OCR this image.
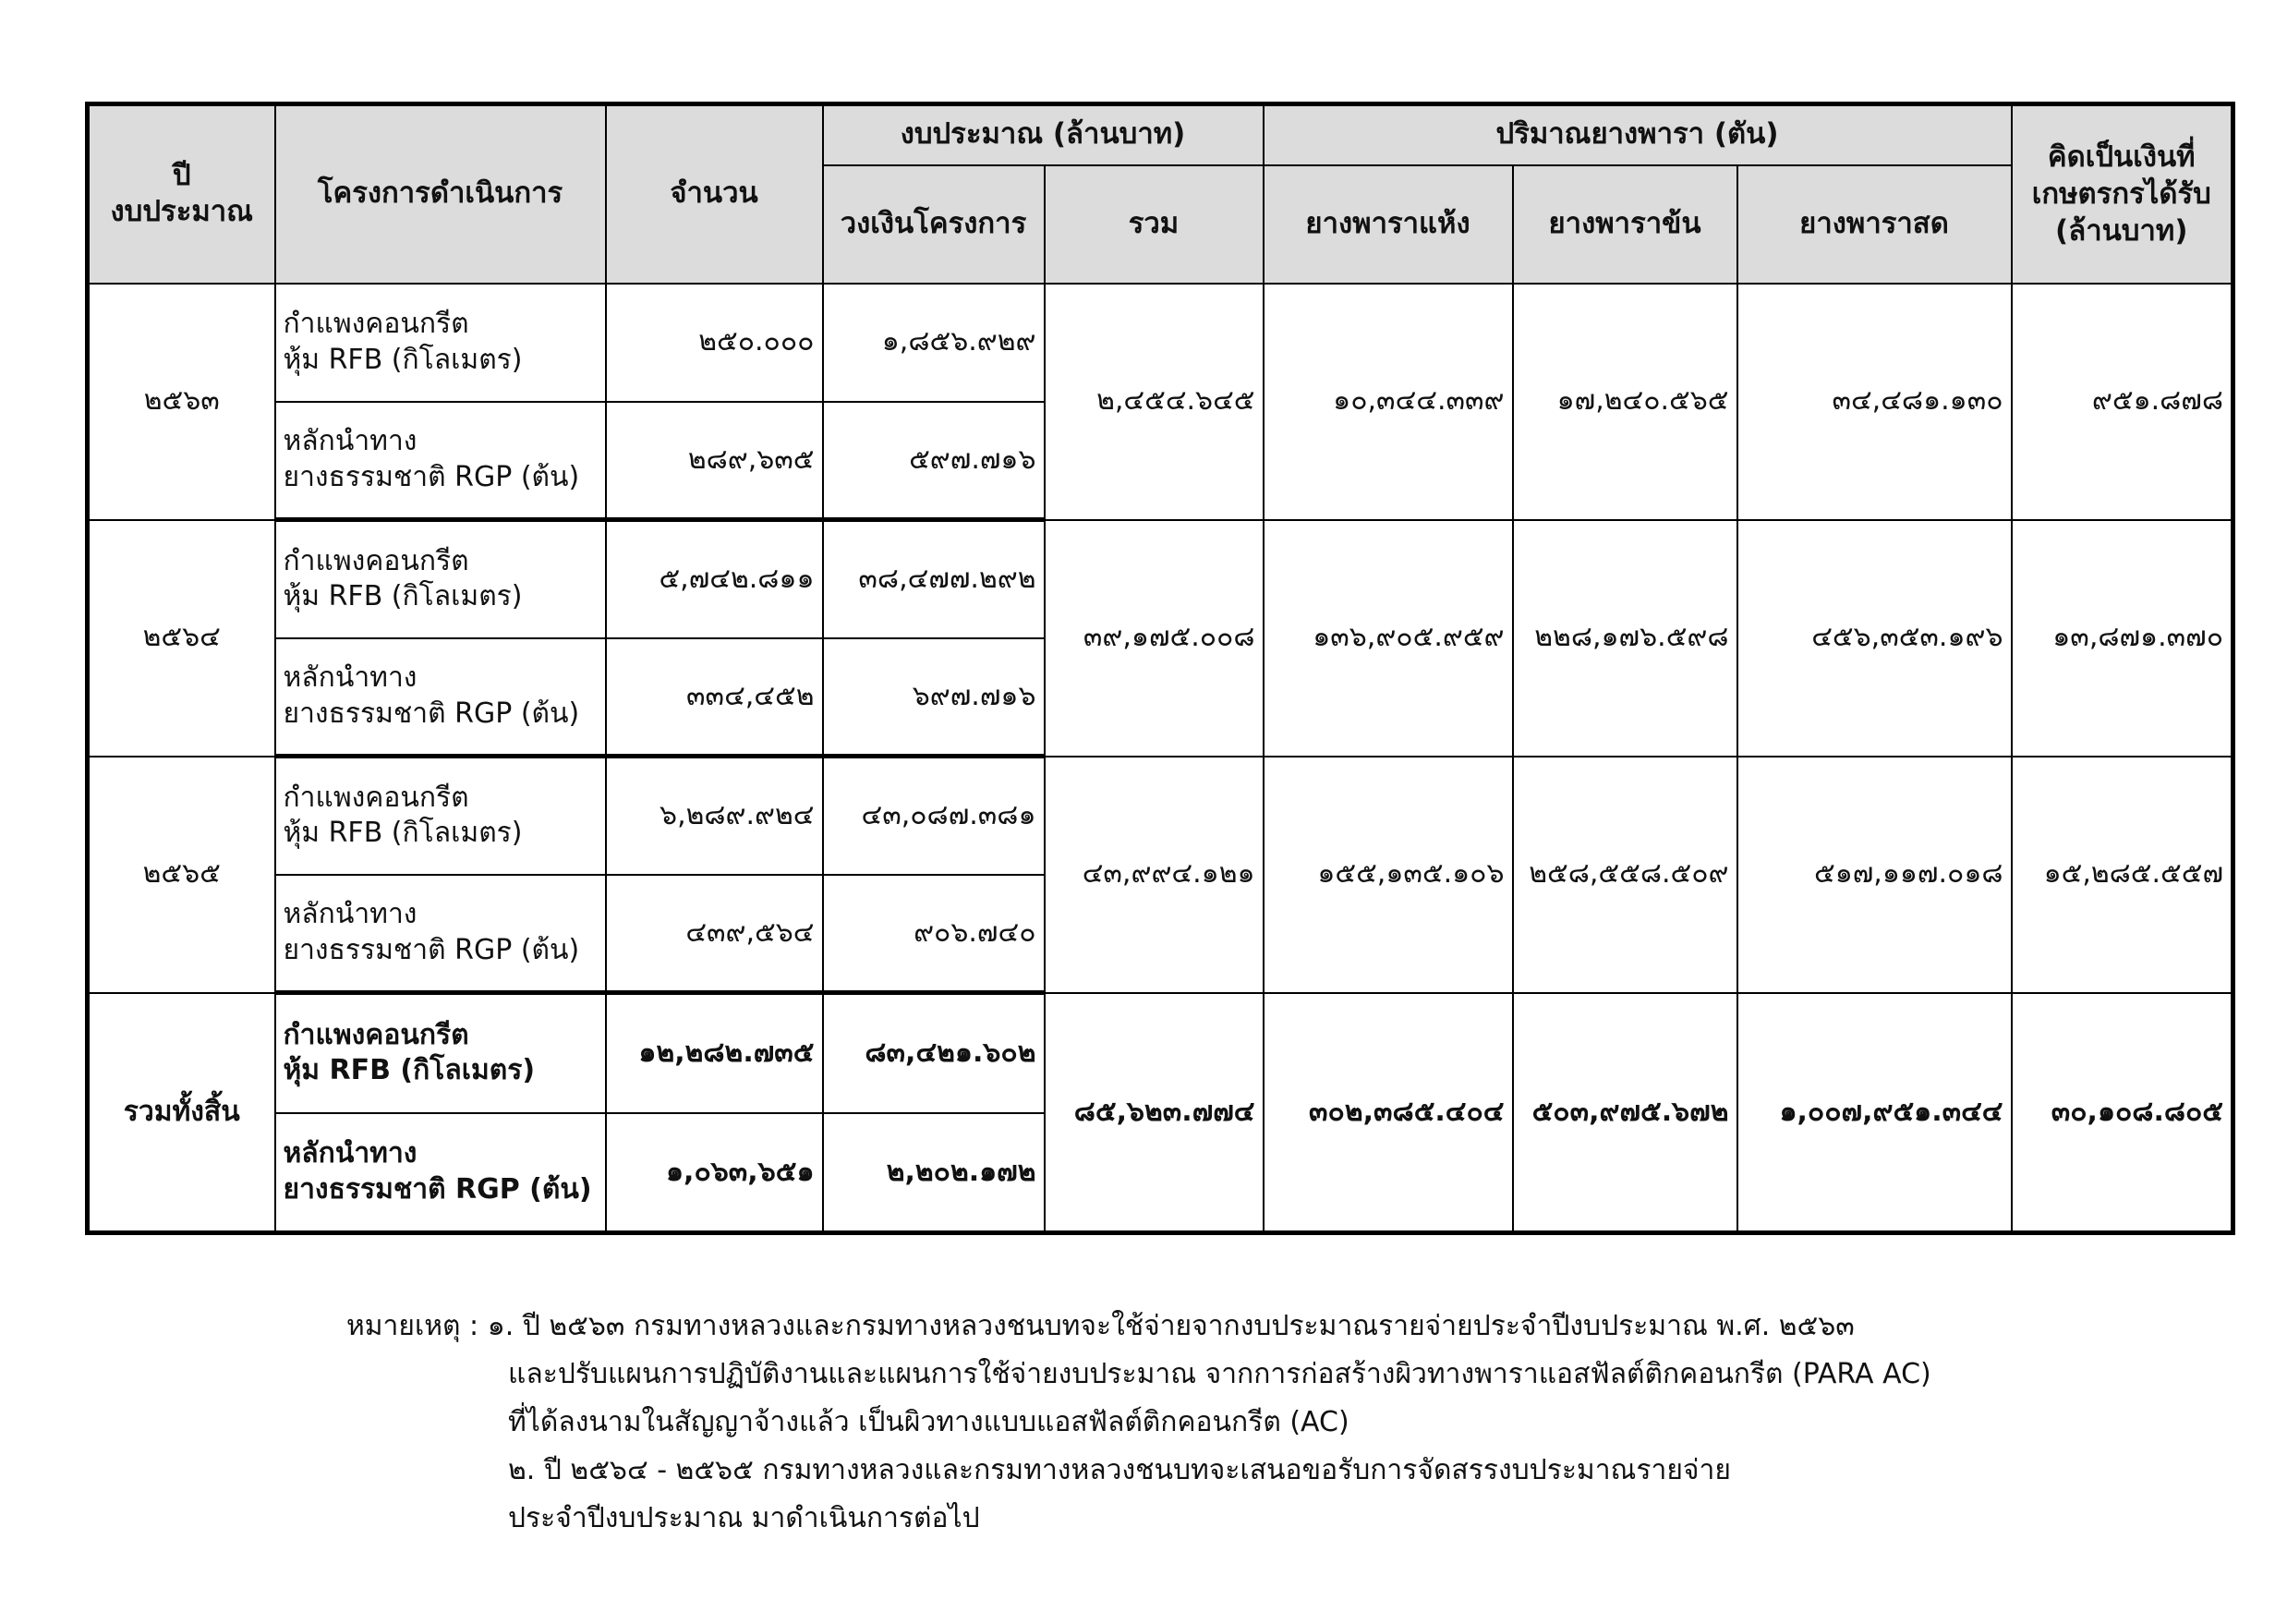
ปี
งบประมาณ	โครงการดำเนินการ	จำนวน	งบประมาณ (ล้านบาท)		ปริมาณยางพารา (ตัน)			คิดเป็นเงินที่
เกษตรกรได้รับ
(ล้านบาท)
			วงเงินโครงการ	รวม	ยางพาราแห้ง	ยางพาราข้น	ยางพาราสด	
๒๕๖๓	กำแพงคอนกรีต
หุ้ม RFB (กิโลเมตร)	๒๕๐.๐๐๐	๑,๘๕๖.๙๒๙	๒,๔๕๔.๖๔๕	๑๐,๓๔๔.๓๓๙	๑๗,๒๔๐.๕๖๕	๓๔,๔๘๑.๑๓๐	๙๕๑.๘๗๘
	หลักนำทาง
ยางธรรมชาติ RGP (ต้น)	๒๘๙,๖๓๕	๕๙๗.๗๑๖					
๒๕๖๔	กำแพงคอนกรีต
หุ้ม RFB (กิโลเมตร)	๕,๗๔๒.๘๑๑	๓๘,๔๗๗.๒๙๒	๓๙,๑๗๕.๐๐๘	๑๓๖,๙๐๕.๙๕๙	๒๒๘,๑๗๖.๕๙๘	๔๕๖,๓๕๓.๑๙๖	๑๓,๘๗๑.๓๗๐
	หลักนำทาง
ยางธรรมชาติ RGP (ต้น)	๓๓๔,๔๕๒	๖๙๗.๗๑๖					
๒๕๖๕	กำแพงคอนกรีต
หุ้ม RFB (กิโลเมตร)	๖,๒๘๙.๙๒๔	๔๓,๐๘๗.๓๘๑	๔๓,๙๙๔.๑๒๑	๑๕๕,๑๓๕.๑๐๖	๒๕๘,๕๕๘.๕๐๙	๕๑๗,๑๑๗.๐๑๘	๑๕,๒๘๕.๕๕๗
	หลักนำทาง
ยางธรรมชาติ RGP (ต้น)	๔๓๙,๕๖๔	๙๐๖.๗๔๐					
รวมทั้งสิ้น	กำแพงคอนกรีต
หุ้ม RFB (กิโลเมตร)	๑๒,๒๘๒.๗๓๕	๘๓,๔๒๑.๖๐๒	๘๕,๖๒๓.๗๗๔	๓๐๒,๓๘๕.๔๐๔	๕๐๓,๙๗๕.๖๗๒	๑,๐๐๗,๙๕๑.๓๔๔	๓๐,๑๐๘.๘๐๕
	หลักนำทาง
ยางธรรมชาติ RGP (ต้น)	๑,๐๖๓,๖๕๑	๒,๒๐๒.๑๗๒					
หมายเหตุ : ๑. ปี ๒๕๖๓ กรมทางหลวงและกรมทางหลวงชนบทจะใช้จ่ายจากงบประมาณรายจ่ายประจำปีงบประมาณ พ.ศ. ๒๕๖๓
และปรับแผนการปฏิบัติงานและแผนการใช้จ่ายงบประมาณ จากการก่อสร้างผิวทางพาราแอสฟัลต์ติกคอนกรีต (PARA AC)
ที่ได้ลงนามในสัญญาจ้างแล้ว เป็นผิวทางแบบแอสฟัลต์ติกคอนกรีต (AC)
๒. ปี ๒๕๖๔ - ๒๕๖๕ กรมทางหลวงและกรมทางหลวงชนบทจะเสนอขอรับการจัดสรรงบประมาณรายจ่าย
ประจำปีงบประมาณ มาดำเนินการต่อไป
